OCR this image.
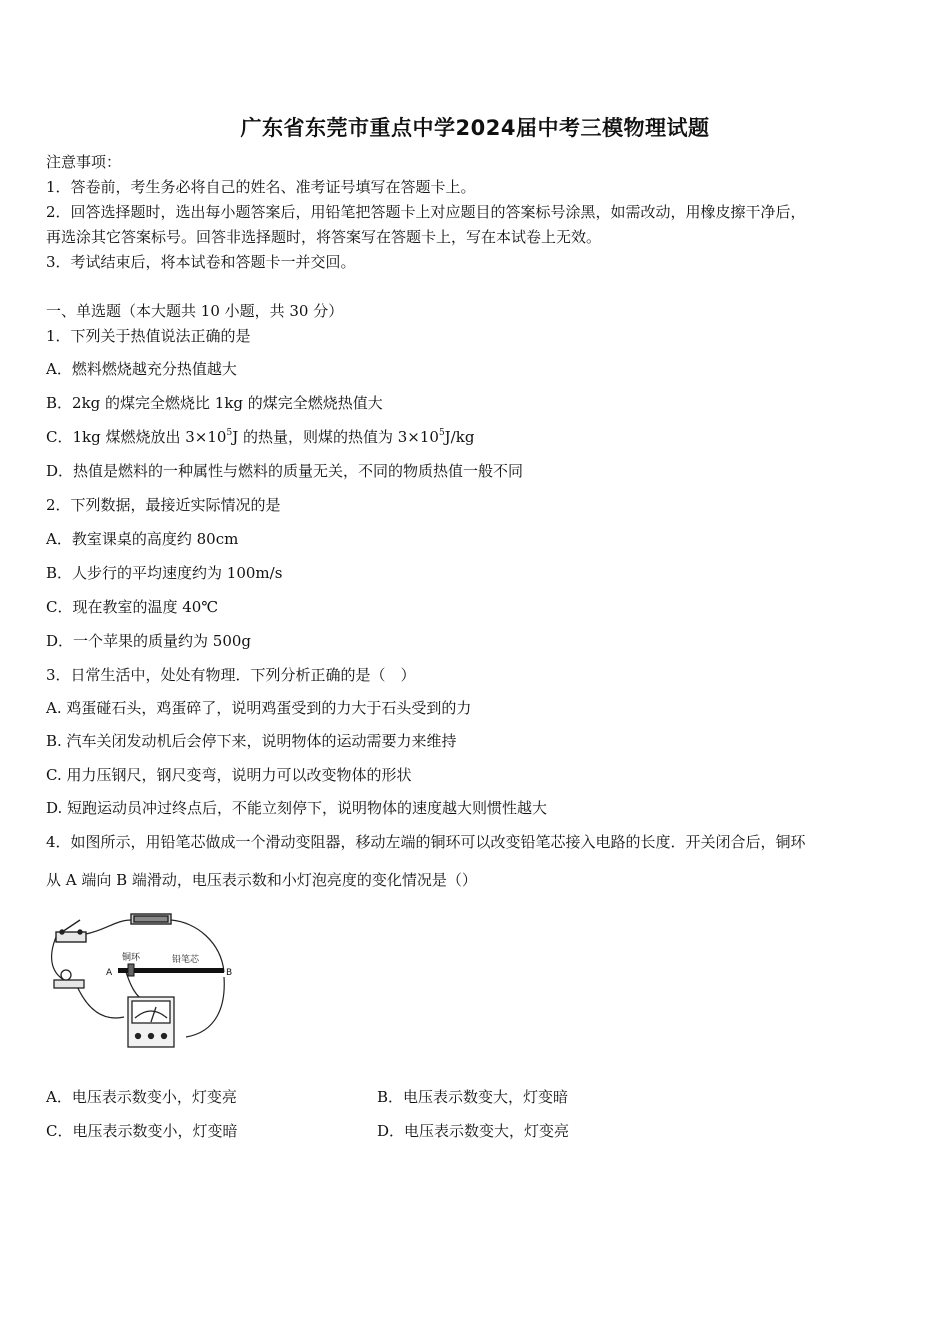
广东省东莞市重点中学2024届中考三模物理试题
注意事项：
1．答卷前，考生务必将自己的姓名、准考证号填写在答题卡上。
2．回答选择题时，选出每小题答案后，用铅笔把答题卡上对应题目的答案标号涂黑，如需改动，用橡皮擦干净后，
再选涂其它答案标号。回答非选择题时，将答案写在答题卡上，写在本试卷上无效。
3．考试结束后，将本试卷和答题卡一并交回。
一、单选题（本大题共 10 小题，共 30 分）
1．下列关于热值说法正确的是
A．燃料燃烧越充分热值越大
B．2kg 的煤完全燃烧比 1kg 的煤完全燃烧热值大
C．1kg 煤燃烧放出 $3\times 10^5J$ 的热量，则煤的热值为 $3\times 10^5J/kg$
D．热值是燃料的一种属性与燃料的质量无关，不同的物质热值一般不同
2．下列数据，最接近实际情况的是
A．教室课桌的高度约 80cm
B．人步行的平均速度约为 100m/s
C．现在教室的温度 40℃
D．一个苹果的质量约为 500g
3．日常生活中，处处有物理．下列分析正确的是（　）
A. 鸡蛋碰石头，鸡蛋碎了，说明鸡蛋受到的力大于石头受到的力
B. 汽车关闭发动机后会停下来，说明物体的运动需要力来维持
C. 用力压钢尺，钢尺变弯，说明力可以改变物体的形状
D. 短跑运动员冲过终点后，不能立刻停下，说明物体的速度越大则惯性越大
4．如图所示，用铅笔芯做成一个滑动变阻器，移动左端的铜环可以改变铅笔芯接入电路的长度．开关闭合后，铜环
从 A 端向 B 端滑动，电压表示数和小灯泡亮度的变化情况是（）
A	B
铜环	铅笔芯
A．电压表示数变小，灯变亮	B．电压表示数变大，灯变暗
C．电压表示数变小，灯变暗	D．电压表示数变大，灯变亮
